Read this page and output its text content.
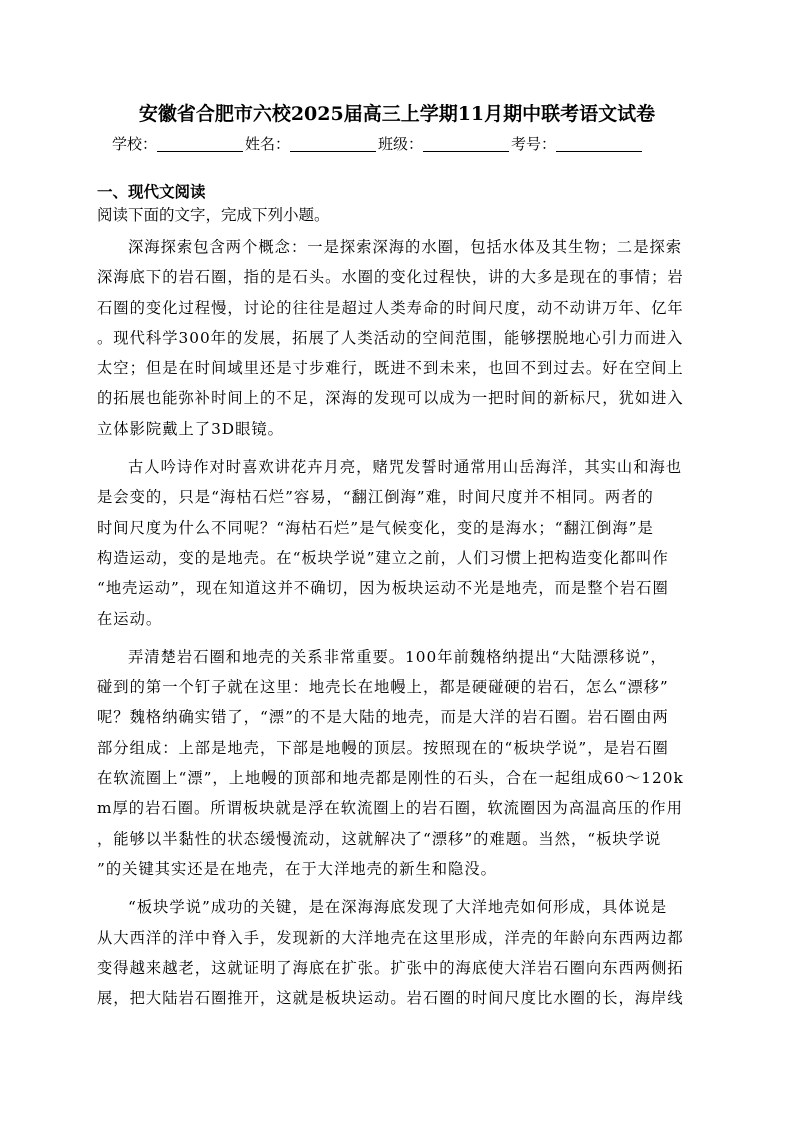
安徽省合肥市六校2025届高三上学期11月期中联考语文试卷
学校：	姓名：	班级：	考号：
一、现代文阅读
阅读下面的文字，完成下列小题。
深海探索包含两个概念：一是探索深海的水圈，包括水体及其生物；二是探索
深海底下的岩石圈，指的是石头。水圈的变化过程快，讲的大多是现在的事情；岩
石圈的变化过程慢，讨论的往往是超过人类寿命的时间尺度，动不动讲万年、亿年
。现代科学300年的发展，拓展了人类活动的空间范围，能够摆脱地心引力而进入
太空；但是在时间域里还是寸步难行，既进不到未来，也回不到过去。好在空间上
的拓展也能弥补时间上的不足，深海的发现可以成为一把时间的新标尺，犹如进入
立体影院戴上了3D眼镜。
古人吟诗作对时喜欢讲花卉月亮，赌咒发誓时通常用山岳海洋，其实山和海也
是会变的，只是“海枯石烂”容易，“翻江倒海”难，时间尺度并不相同。两者的
时间尺度为什么不同呢？“海枯石烂”是气候变化，变的是海水；“翻江倒海”是
构造运动，变的是地壳。在“板块学说”建立之前，人们习惯上把构造变化都叫作
“地壳运动”，现在知道这并不确切，因为板块运动不光是地壳，而是整个岩石圈
在运动。
弄清楚岩石圈和地壳的关系非常重要。100年前魏格纳提出“大陆漂移说”，
碰到的第一个钉子就在这里：地壳长在地幔上，都是硬碰硬的岩石，怎么“漂移”
呢？魏格纳确实错了，“漂”的不是大陆的地壳，而是大洋的岩石圈。岩石圈由两
部分组成：上部是地壳，下部是地幔的顶层。按照现在的“板块学说”，是岩石圈
在软流圈上“漂”，上地幔的顶部和地壳都是刚性的石头，合在一起组成60～120k
m厚的岩石圈。所谓板块就是浮在软流圈上的岩石圈，软流圈因为高温高压的作用
，能够以半黏性的状态缓慢流动，这就解决了“漂移”的难题。当然，“板块学说
”的关键其实还是在地壳，在于大洋地壳的新生和隐没。
“板块学说”成功的关键，是在深海海底发现了大洋地壳如何形成，具体说是
从大西洋的洋中脊入手，发现新的大洋地壳在这里形成，洋壳的年龄向东西两边都
变得越来越老，这就证明了海底在扩张。扩张中的海底使大洋岩石圈向东西两侧拓
展，把大陆岩石圈推开，这就是板块运动。岩石圈的时间尺度比水圈的长，海岸线
